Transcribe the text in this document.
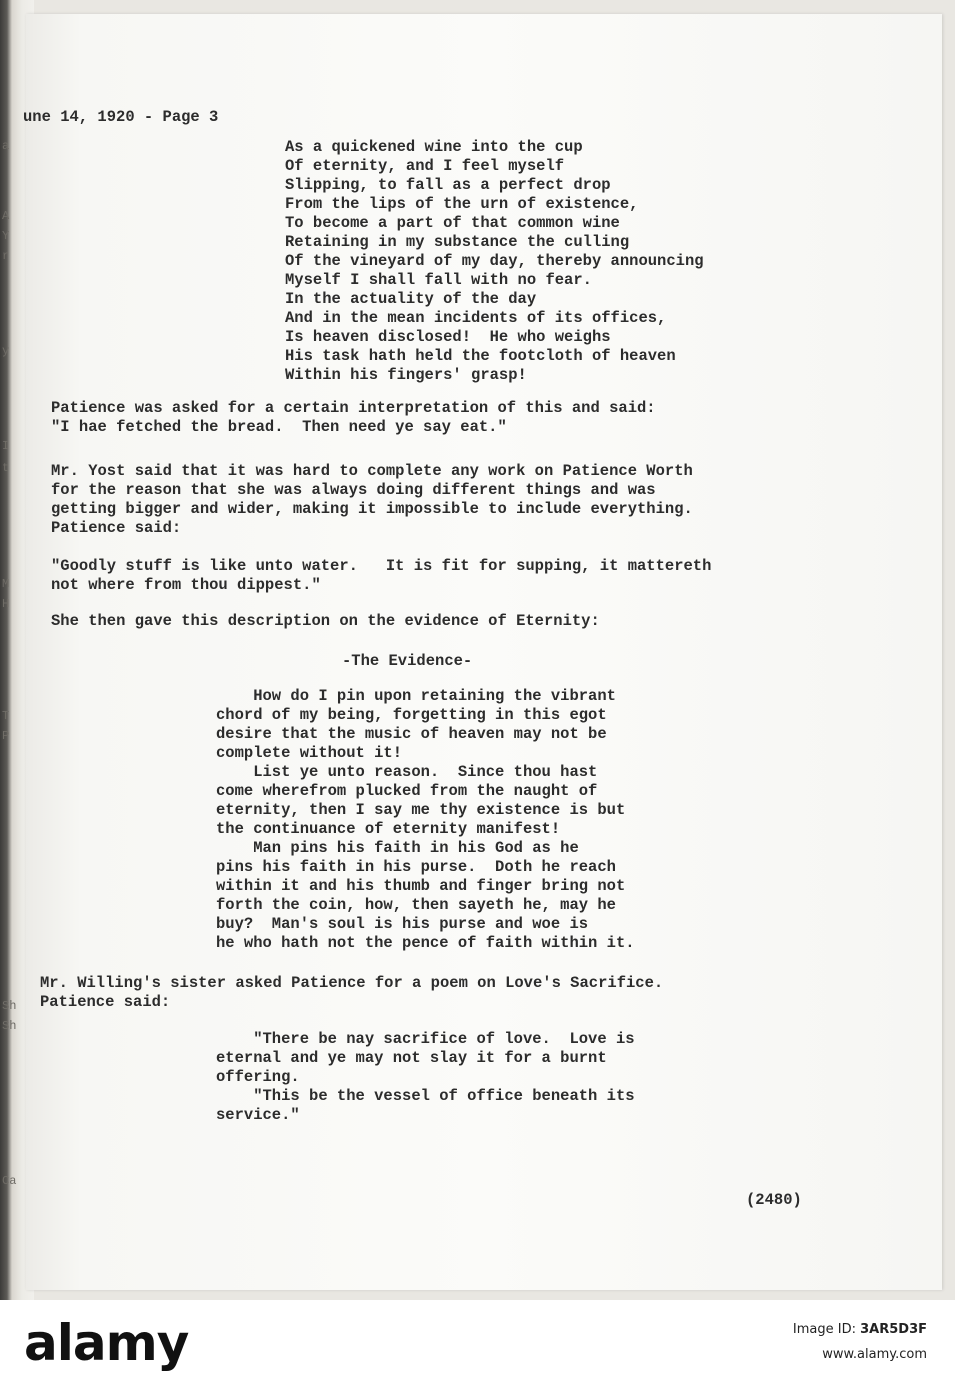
a
A
Y
r
y
I
t
M
H
T
P
Sh
Sh
Ca
une 14, 1920 - Page 3
As a quickened wine into the cup
Of eternity, and I feel myself
Slipping, to fall as a perfect drop
From the lips of the urn of existence,
To become a part of that common wine
Retaining in my substance the culling
Of the vineyard of my day, thereby announcing
Myself I shall fall with no fear.
In the actuality of the day
And in the mean incidents of its offices,
Is heaven disclosed!  He who weighs
His task hath held the footcloth of heaven
Within his fingers' grasp!
Patience was asked for a certain interpretation of this and said:
"I hae fetched the bread.  Then need ye say eat."
Mr. Yost said that it was hard to complete any work on Patience Worth
for the reason that she was always doing different things and was
getting bigger and wider, making it impossible to include everything.
Patience said:
"Goodly stuff is like unto water.   It is fit for supping, it mattereth
not where from thou dippest."
She then gave this description on the evidence of Eternity:
-The Evidence-
How do I pin upon retaining the vibrant
chord of my being, forgetting in this egot
desire that the music of heaven may not be
complete without it!
List ye unto reason.  Since thou hast
come wherefrom plucked from the naught of
eternity, then I say me thy existence is but
the continuance of eternity manifest!
Man pins his faith in his God as he
pins his faith in his purse.  Doth he reach
within it and his thumb and finger bring not
forth the coin, how, then sayeth he, may he
buy?  Man's soul is his purse and woe is
he who hath not the pence of faith within it.
Mr. Willing's sister asked Patience for a poem on Love's Sacrifice.
Patience said:
"There be nay sacrifice of love.  Love is
eternal and ye may not slay it for a burnt
offering.
"This be the vessel of office beneath its
service."
(2480)
alamy	Image ID: 3AR5D3F
www.alamy.com
